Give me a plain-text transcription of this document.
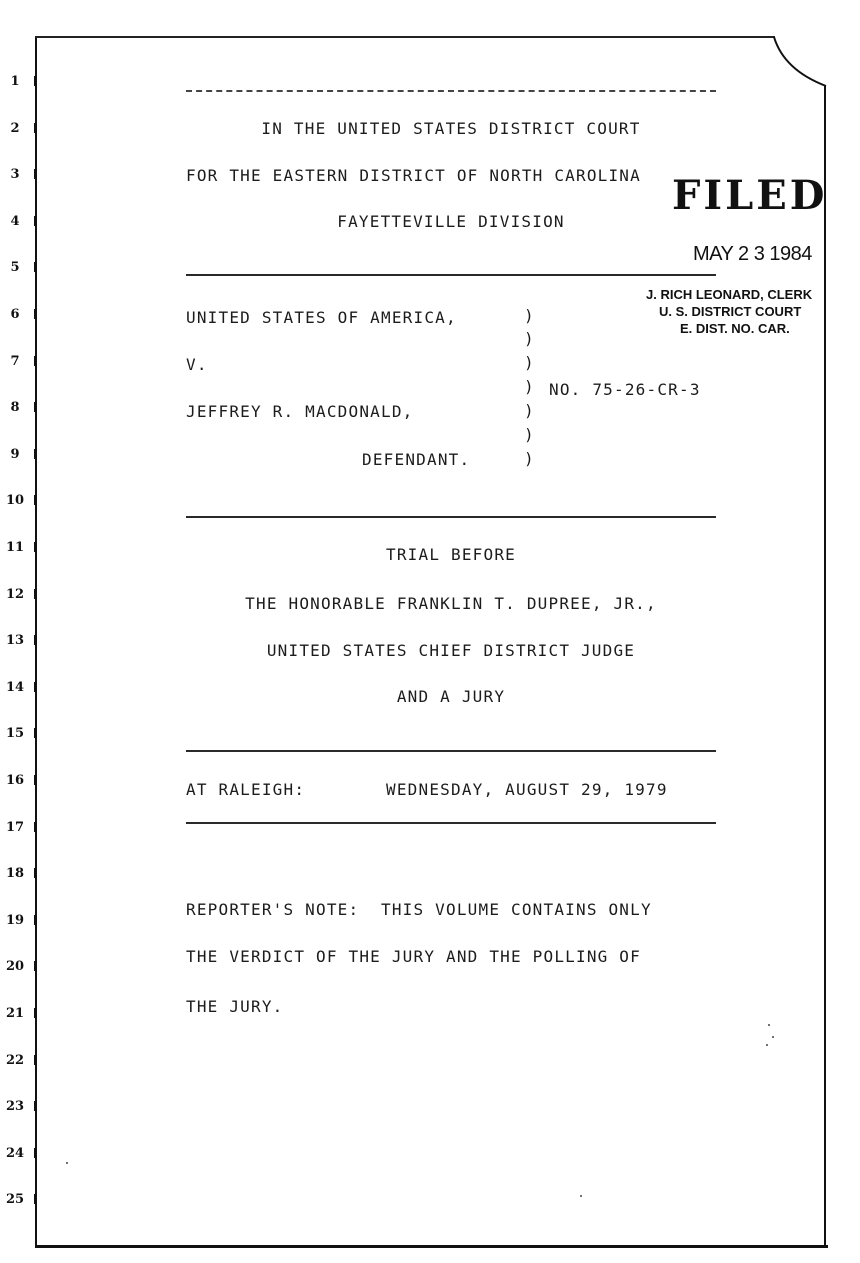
1
2
3
4
5
6
7
8
9
10
11
12
13
14
15
16
17
18
19
20
21
22
23
24
25
IN THE UNITED STATES DISTRICT COURT
FOR THE EASTERN DISTRICT OF NORTH CAROLINA
FAYETTEVILLE DIVISION
FILED
MAY 2 3 1984
J. RICH LEONARD, CLERK
U. S. DISTRICT COURT
E. DIST. NO. CAR.
UNITED STATES OF AMERICA,
V.
JEFFREY R. MACDONALD,
DEFENDANT.
NO. 75-26-CR-3
)
)
)
)
)
)
)
TRIAL BEFORE
THE HONORABLE FRANKLIN T. DUPREE, JR.,
UNITED STATES CHIEF DISTRICT JUDGE
AND A JURY
AT RALEIGH:	WEDNESDAY, AUGUST 29, 1979
REPORTER'S NOTE:  THIS VOLUME CONTAINS ONLY
THE VERDICT OF THE JURY AND THE POLLING OF
THE JURY.
